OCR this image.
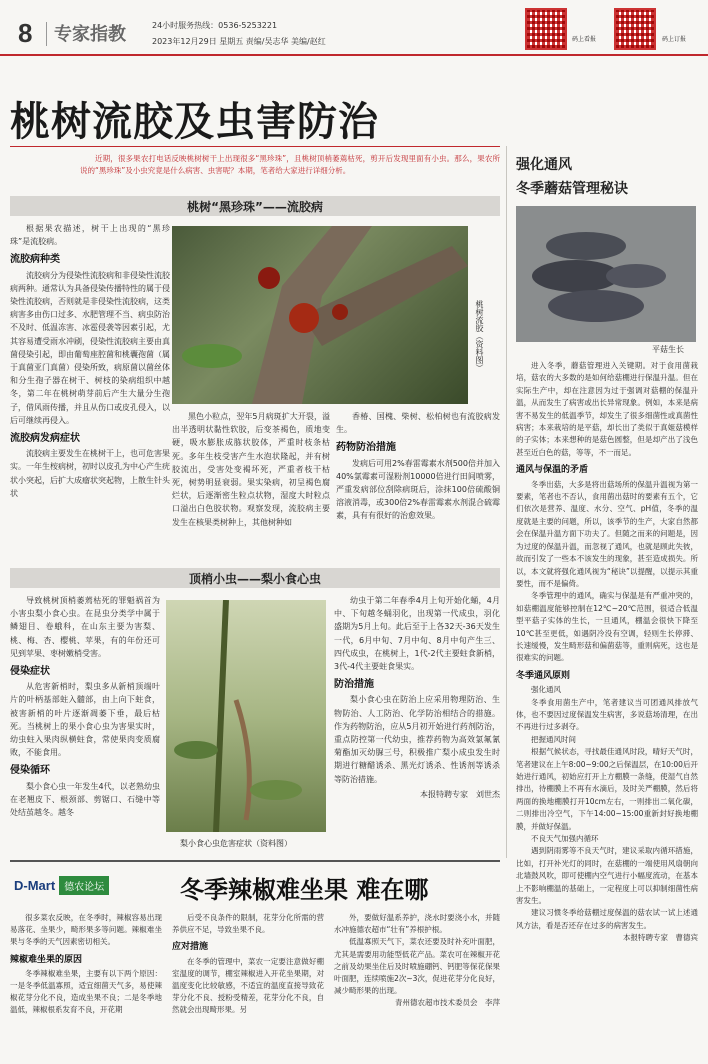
8 专家指教	24小时服务热线：0536-5253221
2023年12月29日 星期五 责编/吴志华 美编/赵红	码上看报	码上订报
桃树流胶及虫害防治

近期，很多果农打电话反映桃树树干上出现很多“黑珍珠”，且桃树顶梢萎蔫枯死，剪开后发现里面有小虫。那么，果农所说的“黑珍珠”及小虫究竟是什么病害、虫害呢？本期，笔者给大家进行详细分析。

桃树“黑珍珠”——流胶病

根据果农描述，树干上出现的“黑珍珠”是流胶病。

流胶病种类

流胶病分为侵染性流胶病和非侵染性流胶病两种。通常认为具备侵染传播特性的属于侵染性流胶病，否则就是非侵染性流胶病，这类病害多由伤口过多、水肥管理不当、病虫防治不及时、低温冻害、冰雹侵袭等因素引起，尤其容易遭受雨水冲刷，侵染性流胶病主要由真菌侵染引起，即由葡萄座腔菌和桃囊孢菌（属于真菌亚门真菌）侵染所致，病原菌以菌丝体和分生孢子器在树干、树枝的染病组织中越冬，第二年在桃树萌芽前后产生大量分生孢子，借风雨传播，并且从伤口或皮孔侵入，以后可继续再侵入。

流胶病发病症状

流胶病主要发生在桃树干上，也可危害果实。一年生桉病树，初时以皮孔为中心产生疣状小突起，后扩大成瘤状突起物，上散生针头状

桃树流胶（资料图）

黑色小粒点，翌年5月病斑扩大开裂，溢出半透明状黏性软胶，后变茶褐色，质地变硬，吸水膨胀成胨状胶体，严重时枝条枯死。多年生枝受害产生水泡状隆起，并有树胶流出，受害处变褐坏死，严重者枝干枯死，树势明显衰弱。果实染病，初呈褐色腐烂状，后逐渐密生粒点状物，湿度大时粒点口溢出白色胶状物。观察发现，流胶病主要发生在核果类树种上，其他树种如

香椿、国槐、柴树、松柏树也有流胶病发生。

药物防治措施

发病后可用2%春雷霉素水剂500倍并加入40%氯霉素可湿粉剂10000倍进行田间喷雾，严重发病部位刮除病斑后，涂抹100倍硫酸铜溶液消毒，或300倍2%春雷霉素水剂混合硫霉素，具有有很好的治愈效果。

顶梢小虫——梨小食心虫

导致桃树顶梢萎蔫枯死的罪魁祸首为小害虫梨小食心虫。在昆虫分类学中属于鳞翅目、卷蛾科，在山东主要为害梨、桃、梅、杏、樱桃、苹果，有的年份还可见到苹果、枣树嫩梢受害。

侵染症状

从危害新梢时，梨虫多从新梢顶端叶片的叶柄基部蛀入髓部，由上向下蛀食，被害新梢的叶片逐渐凋萎下垂，最后枯死。当桃树上的果小食心虫为害果实时，幼虫蛀入果肉纵横蛀食，常使果肉变质腐败，不能食用。

侵染循环

梨小食心虫一年发生4代，以老熟幼虫在老翘皮下、根颈部、剪锯口、石缝中等处结茧越冬。越冬

梨小食心虫危害症状（资料图）

幼虫于第二年春季4月上旬开始化蛹，4月中、下旬越冬蛹羽化，出现第一代成虫，羽化盛期为5月上旬。此后至于上各32天-36天发生一代，6月中旬、7月中旬、8月中旬产生三、四代成虫，在桃树上，1代-2代主要蛀食新梢，3代-4代主要蛀食果实。

防治措施

梨小食心虫在防治上应采用物理防治、生物防治、人工防治、化学防治相结合的措施。作为药物防治，应从5月初开始进行药剂防治，重点防控第一代幼虫，推荐药物为高效氯氟氰菊酯加灭幼脲三号，积极推广梨小成虫发生时期进行糖醋诱杀、黑光灯诱杀、性诱剂等诱杀等防治措施。

本报特聘专家　刘世杰
强化通风
冬季蘑菇管理秘诀
平菇生长

进入冬季，蘑菇管理进入关键期。对于食用菌栽培，菇农的大多数的是如何给菇棚进行保温升温。但在实际生产中，却在注意因为过于强调对菇棚的保温升温，从而发生了病害或出长异常现象。例如，本来是病害不易发生的低温季节，却发生了很多细菌性或真菌性病害；本来栽培的是平菇，却长出了类似于真姬菇模样的子实体；本来想种的是菇色圆整，但是却产出了浅色甚至近白色的菇，等等，不一而足。

通风与保温的矛盾

冬季出菇，大多是将出菇场所的保温升温视为第一要素，笔者也不否认，食用菌出菇时的要素有五个，它们依次是营养、温度、水分、空气、pH值，冬季的温度就是主要的问题，所以，该季节的生产，大家自然都会在保温升温方面下功夫了。但随之而来的问题是，因为过度的保温升温，而忽视了通风，也就是顾此失彼，故而引发了一些本不该发生的现象，甚至造成损失。所以，本文就将强化通风视为“秘诀”以提醒，以提示其重要性，而不是偏倚。

冬季管理中的通风，确实与保温是有严重冲突的，如菇棚温度能够控制在12℃~20℃范围，很适合低温型平菇子实体的生长，一旦通风，棚温会很快下降至10℃甚至更低，如遇阴冷没有空调，轻则生长停滞、长速缓慢，发生畸形菇和偏菌菇等，重则病死，这也是很难实的问题。

冬季通风原则

强化通风

冬季食用菌生产中，笔者建议当可团通风排放气体，也不要因过度保温发生病害，多说菇场清理，在出不再进行过多剥夺。

把握通风时间

根据气候状态，寻找最佳通风时段，晴好天气时，笔者建议在上午8:00~9:00之后保温层，在10:00后开始进行通风，初始应打开上方棚膜一条缝，使湿气自然排出，待棚膜上不再有水滴后，及时关严棚膜，然后将两面的换地棚膜打开10cm左右，一则排出二氧化碳，二则排出冷空气，下午14:00~15:00重新封好换地棚膜，并做好保温。

不良天气加强内循环

遇到阴雨雾等不良天气时，建议采取内循环措施，比如，打开补光灯的同时，在菇棚的一端使用风扇朝向北墙鼓风吹，即可使棚内空气进行小幅度流动，在基本上不影响棚温的基础上，一定程度上可以抑制细菌性病害发生。

建议习惯冬季给菇棚过度保温的菇农试一试上述通风方法，看是否还存在过多的病害发生。

本报特聘专家　曹德宾
D-Mart 德农论坛	冬季辣椒难坐果 难在哪

很多菜农反映，在冬季时，辣椒容易出现易落花、坐果少，畸形果多等问题。辣椒难坐果与冬季的天气因素密切相关。

辣椒难坐果的原因

冬季辣椒难坐果，主要有以下两个原因：一是冬季低温寡照，适宜细菌天气多，易使辣椒花芽分化不良，造成坐果不良；二是冬季地温低，辣椒根系发育不良，开花期

后受不良条件的限制，花芽分化所需的营养供应不足，导致坐果不良。

应对措施

在冬季的管理中，菜农一定要注意做好棚室温度的调节，棚室辣椒进入开花坐果期，对温度变化比较敏感，不适宜的温度直接导致花芽分化不良、授粉受精差，花芽分化不良，自然就会出现畸形果。另

外，要做好温系养护，浇水时要浇小水，并随水冲施德农超市“壮有”养根护根。

低温寡照天气下，菜农还要及时补充叶面肥，尤其是需要用功能型低花产品。菜农可在辣椒开花之前及幼果坐住后及时喷施硼钙、钙肥等保花保果叶面肥，连续喷施2次~3次，促进花芽分化良好，减少畸形果的出现。

青州德农超市技术委员会　李萍
